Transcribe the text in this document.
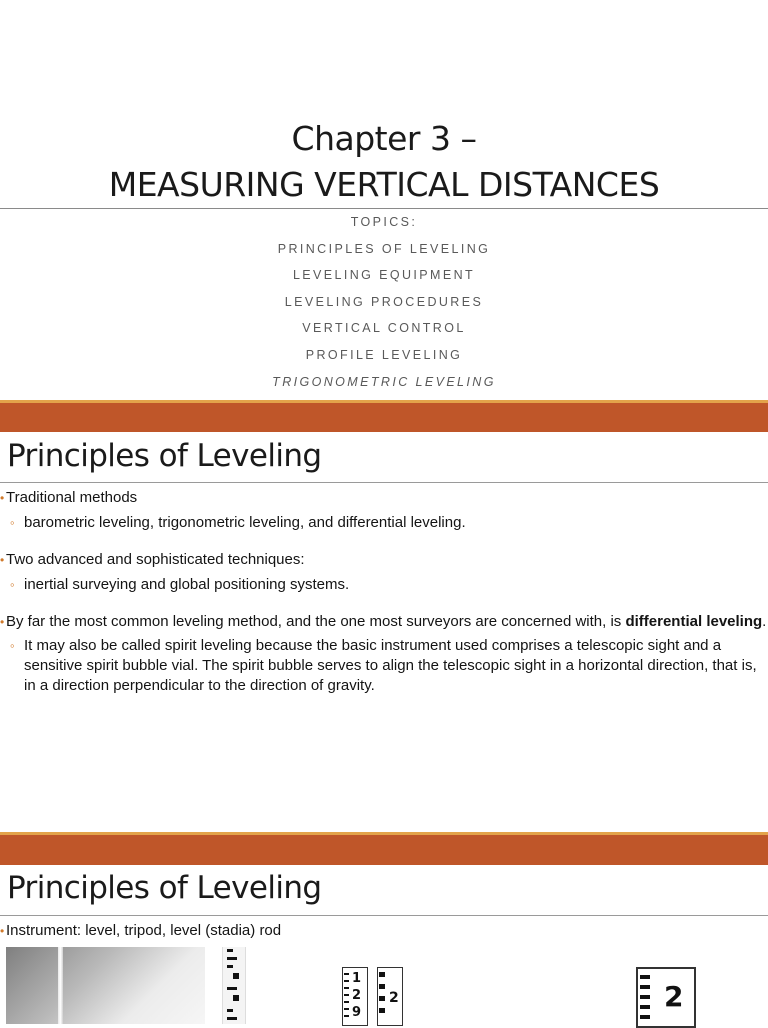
Chapter 3 –
MEASURING VERTICAL DISTANCES
TOPICS:
PRINCIPLES OF LEVELING
LEVELING EQUIPMENT
LEVELING PROCEDURES
VERTICAL CONTROL
PROFILE LEVELING
TRIGONOMETRIC LEVELING
Principles of Leveling

• Traditional methods

◦ barometric leveling, trigonometric leveling, and differential leveling.

• Two advanced and sophisticated techniques:

◦ inertial surveying and global positioning systems.

• By far the most common leveling method, and the one most surveyors are concerned with, is differential leveling.

◦ It may also be called spirit leveling because the basic instrument used comprises a telescopic sight and a sensitive spirit bubble vial. The spirit bubble serves to align the telescopic sight in a horizontal direction, that is, in a direction perpendicular to the direction of gravity.

Principles of Leveling

• Instrument: level, tripod, level (stadia) rod

1
2
9
2	2
